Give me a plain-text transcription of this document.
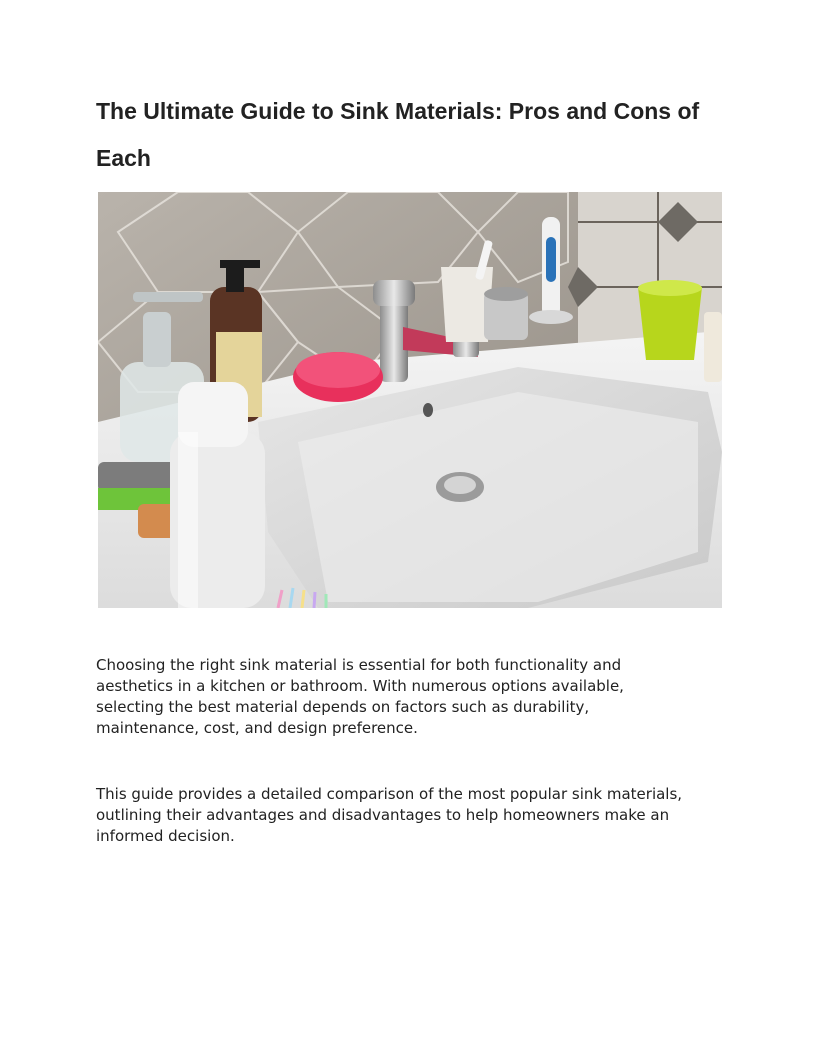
The Ultimate Guide to Sink Materials: Pros and Cons of Each

Choosing the right sink material is essential for both functionality and aesthetics in a kitchen or bathroom. With numerous options available, selecting the best material depends on factors such as durability, maintenance, cost, and design preference.

This guide provides a detailed comparison of the most popular sink materials, outlining their advantages and disadvantages to help homeowners make an informed decision.
